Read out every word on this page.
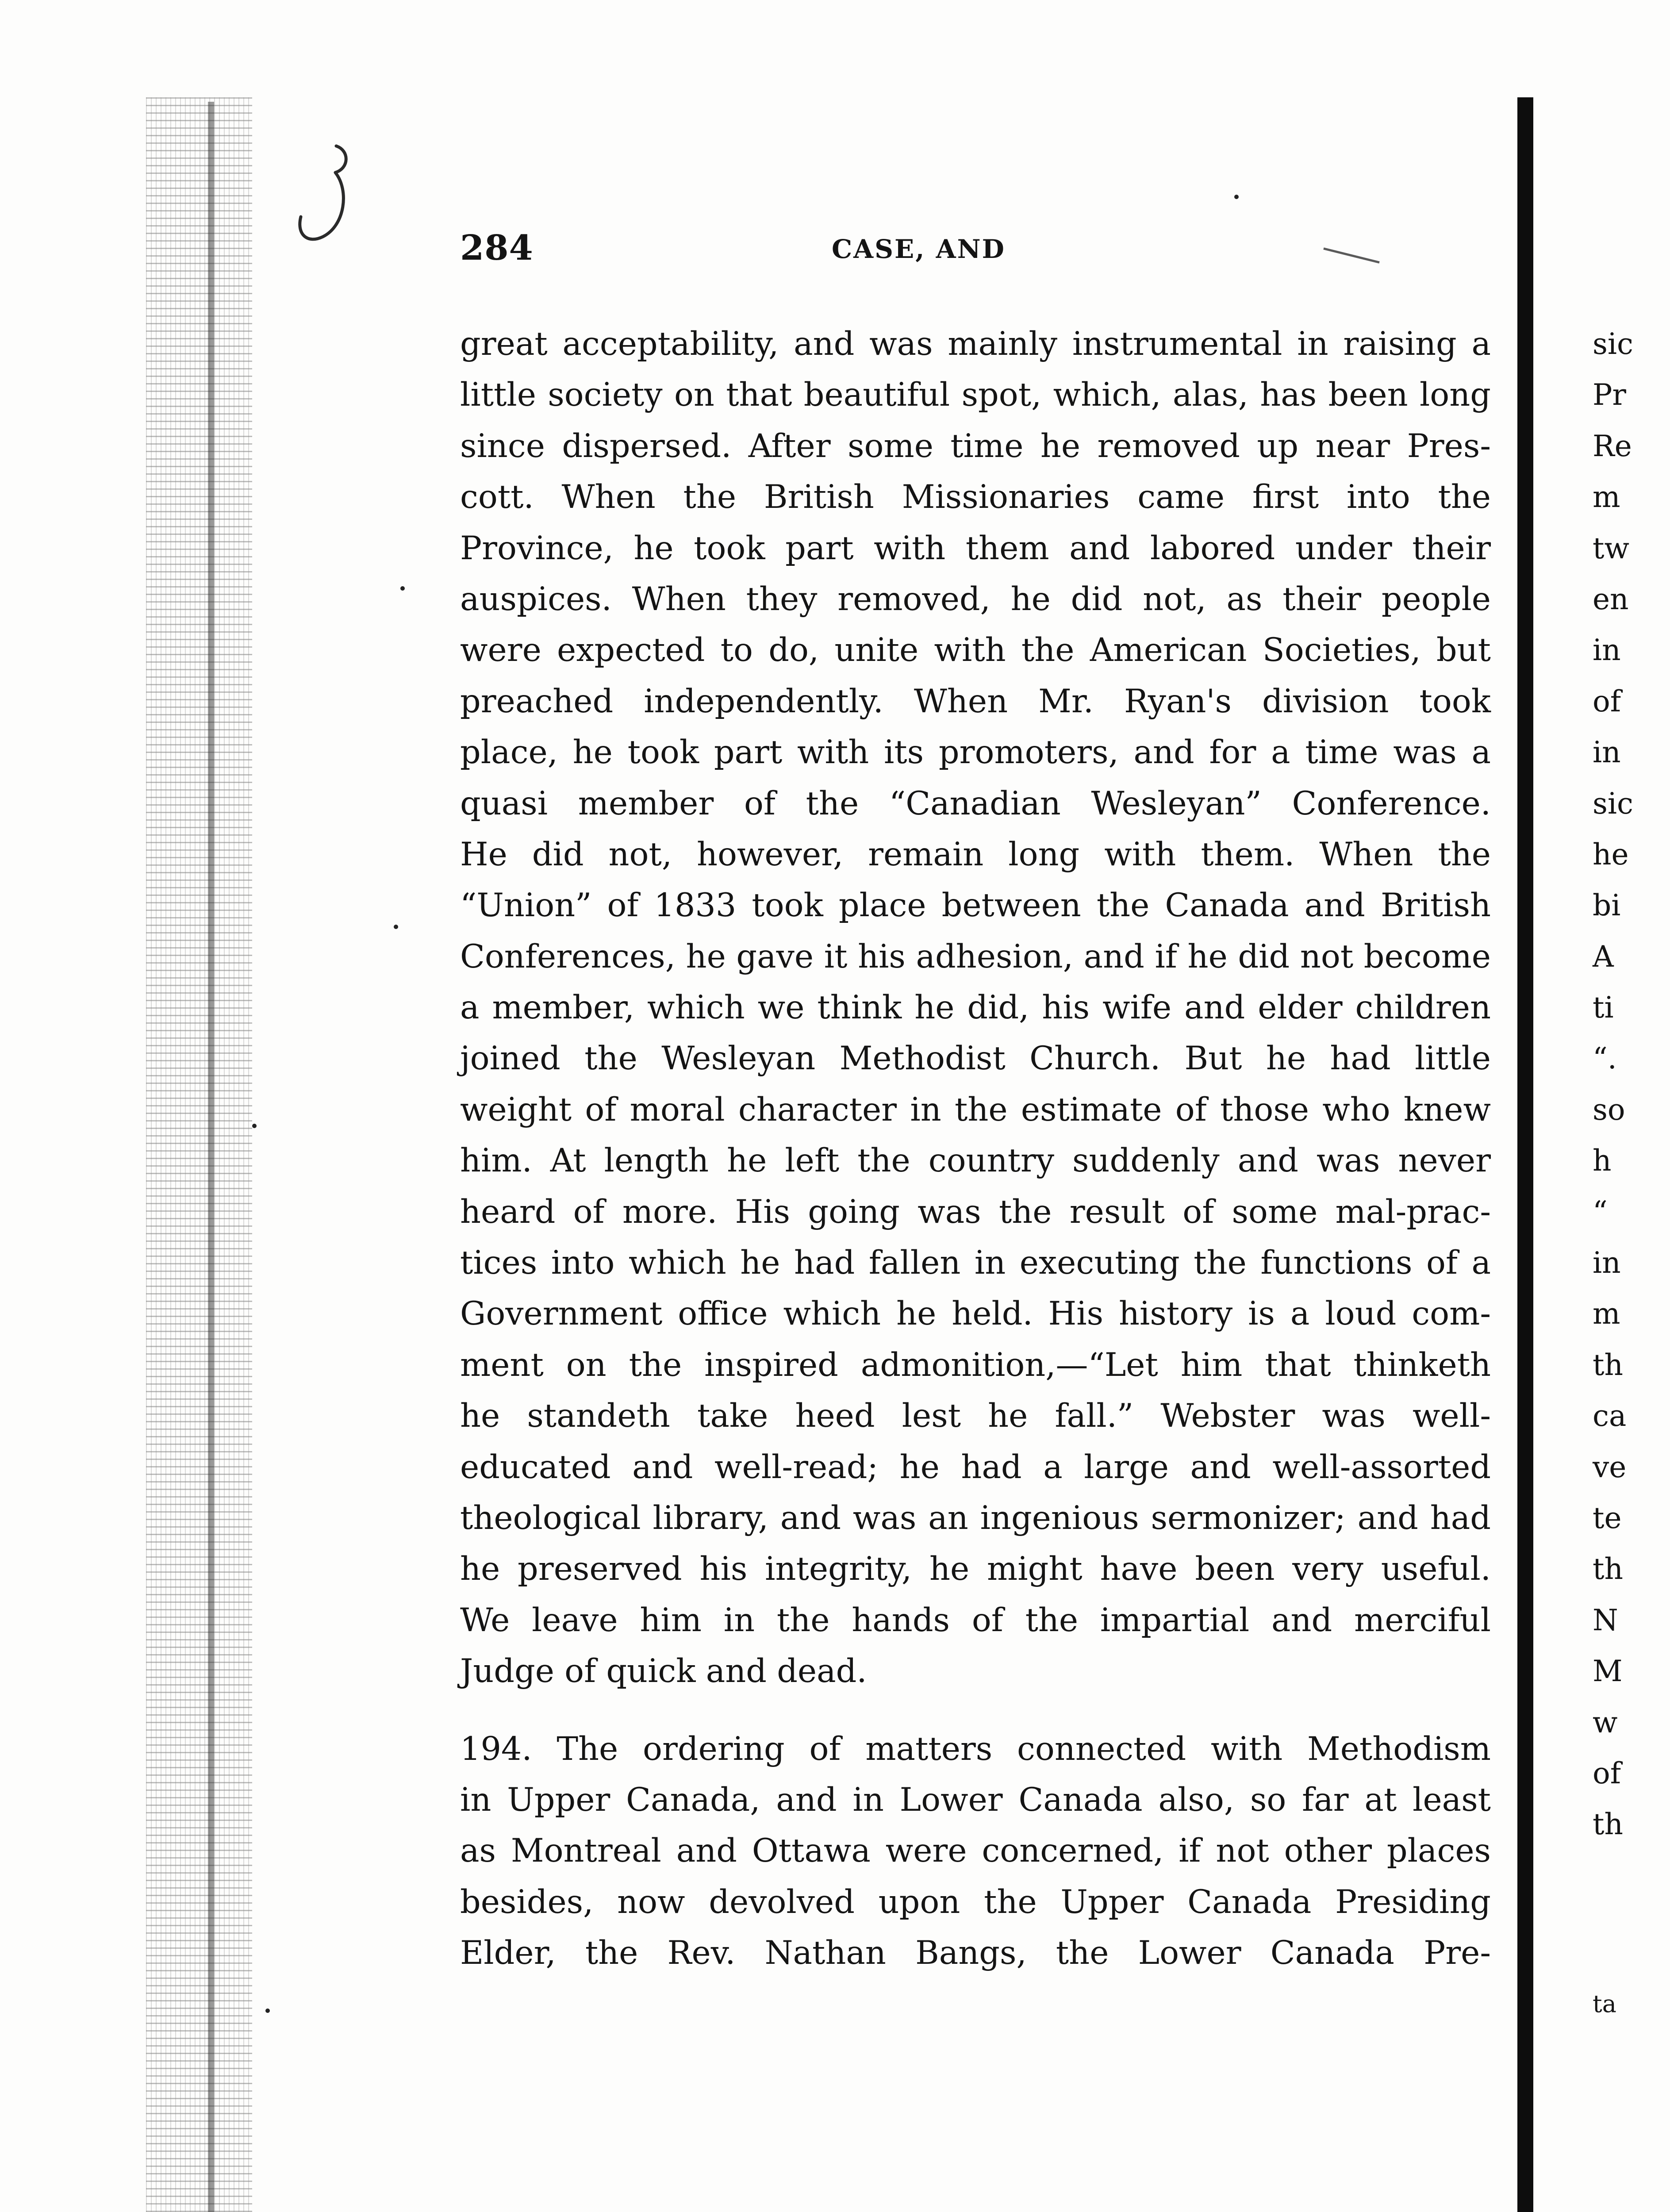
284	CASE, AND
great acceptability, and was mainly instrumental in raising a
little society on that beautiful spot, which, alas, has been long
since dispersed. After some time he removed up near Pres-
cott. When the British Missionaries came first into the
Province, he took part with them and labored under their
auspices. When they removed, he did not, as their people
were expected to do, unite with the American Societies, but
preached independently. When Mr. Ryan's division took
place, he took part with its promoters, and for a time was a
quasi member of the “Canadian Wesleyan” Conference.
He did not, however, remain long with them. When the
“Union” of 1833 took place between the Canada and British
Conferences, he gave it his adhesion, and if he did not become
a member, which we think he did, his wife and elder children
joined the Wesleyan Methodist Church. But he had little
weight of moral character in the estimate of those who knew
him. At length he left the country suddenly and was never
heard of more. His going was the result of some mal-prac-
tices into which he had fallen in executing the functions of a
Government office which he held. His history is a loud com-
ment on the inspired admonition,—“Let him that thinketh
he standeth take heed lest he fall.” Webster was well-
educated and well-read; he had a large and well-assorted
theological library, and was an ingenious sermonizer; and had
he preserved his integrity, he might have been very useful.
We leave him in the hands of the impartial and merciful
Judge of quick and dead.
194. The ordering of matters connected with Methodism
in Upper Canada, and in Lower Canada also, so far at least
as Montreal and Ottawa were concerned, if not other places
besides, now devolved upon the Upper Canada Presiding
Elder, the Rev. Nathan Bangs, the Lower Canada Pre-
sic
Pr
Re
m
tw
en
in
of
in
sic
he
bi
A
ti
“.
so
h
“
in
m
th
ca
ve
te
th
N
M
w
of
th
ta
